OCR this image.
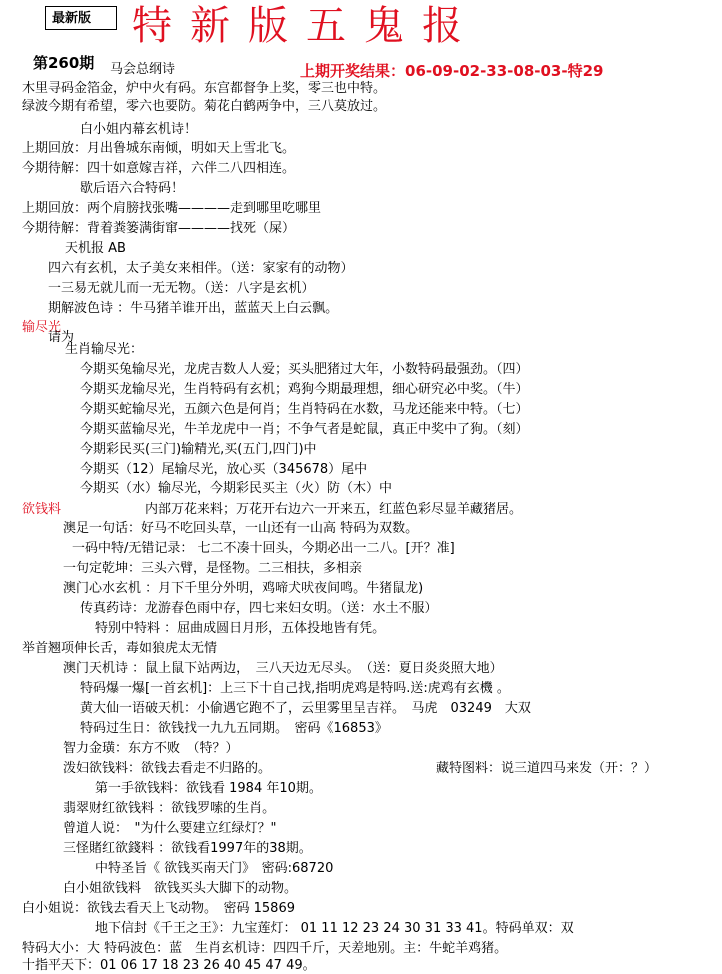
最新版	特新版五鬼报
第260期 马会总纲诗	上期开奖结果：06-09-02-33-08-03-特29
木里寻码金箔金，炉中火有码。东宫都督争上奖，零三也中特。
绿波今期有希望，零六也要防。菊花白鹤两争中，三八莫放过。
白小姐内幕玄机诗！
上期回放：月出鲁城东南倾，明如天上雪北飞。
今期待解：四十如意嫁吉祥，六伴二八四相连。
歇后语六合特码！
上期回放：两个肩膀找张嘴————走到哪里吃哪里
今期待解：背着粪篓满街窜————找死（屎）
天机报 AB
四六有玄机，太子美女来相伴。（送：家家有的动物）
一三易无就儿而一无无物。（送：八字是玄机）
期解波色诗 ：牛马猪羊谁开出，蓝蓝天上白云飘。
输尽光
请为
生肖输尽光：
今期买兔输尽光，龙虎吉数人人爱；买头肥猪过大年，小数特码最强劲。（四）
今期买龙输尽光，生肖特码有玄机；鸡狗今期最理想，细心研究必中奖。（牛）
今期买蛇输尽光，五颜六色是何肖；生肖特码在水数，马龙还能来中特。（七）
今期买蓝输尽光，牛羊龙虎中一肖；不争气者是蛇鼠，真正中奖中了狗。（刻）
今期彩民买(三门)输精光,买(五门,四门)中
今期买（12）尾输尽光，放心买（345678）尾中
今期买（水）输尽光，今期彩民买主（火）防（木）中
欲钱料	内部万花来料；万花开右边六一开来五，红蓝色彩尽显羊藏猪居。
澳足一句话：好马不吃回头草，一山还有一山高 特码为双数。
一码中特/无错记录： 七二不凑十回头，今期必出一二八。[开？准]
一句定乾坤：三头六臂，是怪物。二三相扶，多相亲
澳门心水玄机 ：月下千里分外明，鸡啼犬吠夜间鸣。牛猪鼠龙)
传真药诗：龙游春色雨中存，四七来妇女明。（送：水土不服）
特别中特料 ：屈曲成圆日月形，五体投地皆有凭。
举首翘项伸长舌，毒如狼虎太无情
澳门天机诗 ：鼠上鼠下站两边，　三八天边无尽头。　（送：夏日炎炎照大地）
特码爆一爆[一首玄机]：上三下十自己找,指明虎鸡是特吗.送:虎鸡有玄機 。
黄大仙一语破天机：小偷遇它跑不了，云里雾里呈吉祥。　马虎　03249　大双
特码过生日：欲钱找一九九五同期。　密码《16853》
智力金璜：东方不败　（特？）
泼妇欲钱料：欲钱去看走不归路的。	藏特图料：说三道四马来发（开：？）
第一手欲钱料：欲钱看 1984 年10期。
翡翠财红欲钱料 ：欲钱罗嗦的生肖。
曾道人说：　"为什么要建立红绿灯？"
三怪賭红欲錢料 ：欲钱看1997年的38期。
中特圣旨《 欲钱买南天门》　密码:68720
白小姐欲钱料　欲钱买头大脚下的动物。
白小姐说：欲钱去看天上飞动物。　密码 15869
地下信封《千王之王》：九宝莲灯： 01 11 12 23 24 30 31 33 41。特码单双：双
特码大小：大 特码波色：蓝　生肖玄机诗：四四千斤，天差地别。主：牛蛇羊鸡猪。
十指平天下：01 06 17 18 23 26 40 45 47 49。
